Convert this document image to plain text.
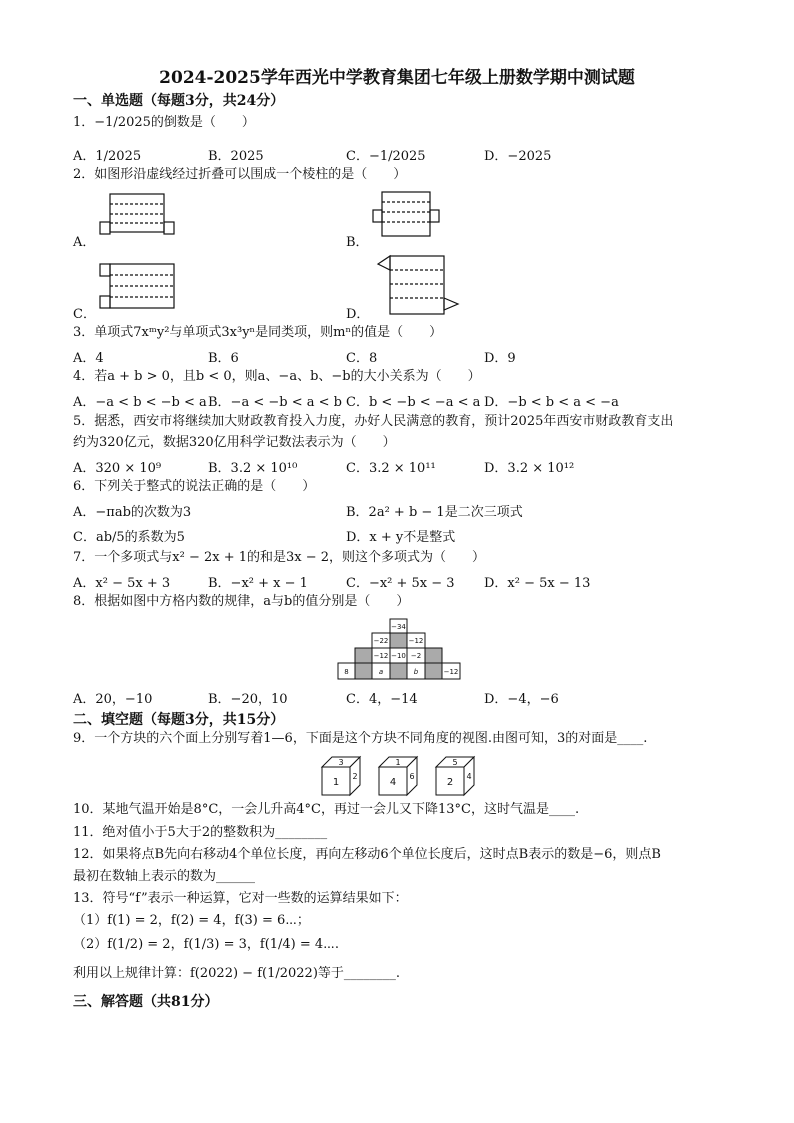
2024-2025学年西光中学教育集团七年级上册数学期中测试题
一、单选题（每题3分，共24分）
1．−1/2025的倒数是（　　）
A．1/2025	B．2025	C．−1/2025	D．−2025
2．如图形沿虚线经过折叠可以围成一个棱柱的是（　　）
A．	B．
C．	D．
3．单项式7xᵐy²与单项式3x³yⁿ是同类项，则mⁿ的值是（　　）
A．4	B．6	C．8	D．9
4．若a + b > 0，且b < 0，则a、−a、b、−b的大小关系为（　　）
A．−a < b < −b < a B．−a < −b < a < b C．b < −b < −a < a D．−b < b < a < −a
5．据悉，西安市将继续加大财政教育投入力度，办好人民满意的教育，预计2025年西安市财政教育支出
约为320亿元，数据320亿用科学记数法表示为（　　）
A．320 × 10⁹	B．3.2 × 10¹⁰	C．3.2 × 10¹¹	D．3.2 × 10¹²
6．下列关于整式的说法正确的是（　　）
A．−πab的次数为3	B．2a² + b − 1是二次三项式
C．ab/5的系数为5	D．x + y不是整式
7．一个多项式与x² − 2x + 1的和是3x − 2，则这个多项式为（　　）
A．x² − 5x + 3	B．−x² + x − 1	C．−x² + 5x − 3 D．x² − 5x − 13
8．根据如图中方格内数的规律，a与b的值分别是（　　）
−34
−22	−12
−12 −10 −2
8	a	b	−12
A．20，−10	B．−20，10	C．4，−14	D．−4，−6
二、填空题（每题3分，共15分）
9．一个方块的六个面上分别写着1—6，下面是这个方块不同角度的视图.由图可知，3的对面是____.
3
1
2
1
4
6
5
2
4
10．某地气温开始是8°C，一会儿升高4°C，再过一会儿又下降13°C，这时气温是____.
11．绝对值小于5大于2的整数积为________
12．如果将点B先向右移动4个单位长度，再向左移动6个单位长度后，这时点B表示的数是−6，则点B
最初在数轴上表示的数为______
13．符号“f”表示一种运算，它对一些数的运算结果如下：
（1）f(1) = 2，f(2) = 4，f(3) = 6⋯；
（2）f(1/2) = 2，f(1/3) = 3，f(1/4) = 4⋯.
利用以上规律计算：f(2022) − f(1/2022)等于________.
三、解答题（共81分）
